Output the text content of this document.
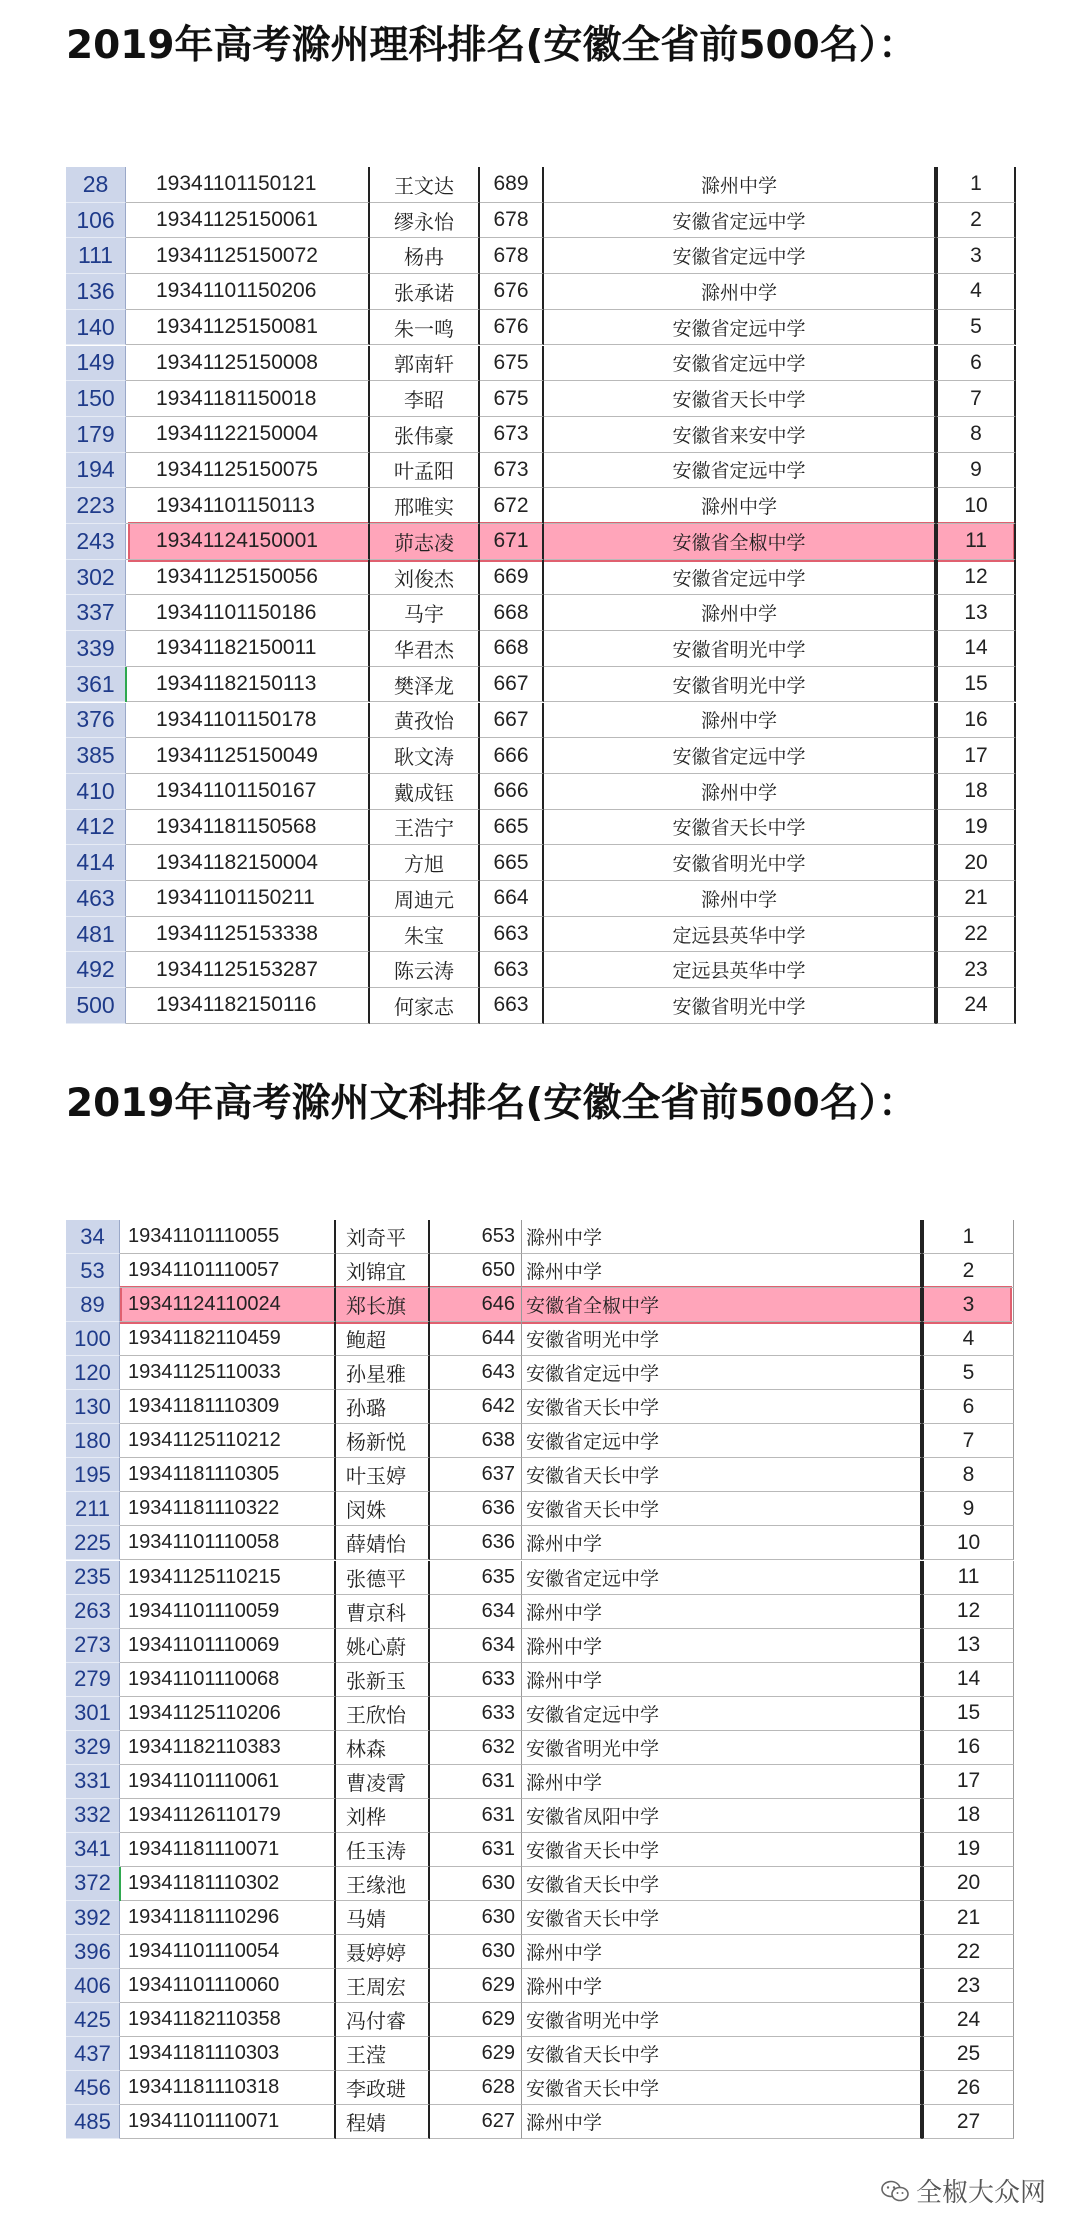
2019年高考滁州理科排名(安徽全省前500名）：
2019年高考滁州文科排名(安徽全省前500名）：
28	19341101150121	王文达	689	滁州中学	1
106	19341125150061	缪永怡	678	安徽省定远中学	2
111	19341125150072	杨冉	678	安徽省定远中学	3
136	19341101150206	张承诺	676	滁州中学	4
140	19341125150081	朱一鸣	676	安徽省定远中学	5
149	19341125150008	郭南轩	675	安徽省定远中学	6
150	19341181150018	李昭	675	安徽省天长中学	7
179	19341122150004	张伟豪	673	安徽省来安中学	8
194	19341125150075	叶孟阳	673	安徽省定远中学	9
223	19341101150113	邢唯实	672	滁州中学	10
243	19341124150001	茆志凌	671	安徽省全椒中学	11
302	19341125150056	刘俊杰	669	安徽省定远中学	12
337	19341101150186	马宇	668	滁州中学	13
339	19341182150011	华君杰	668	安徽省明光中学	14
361	19341182150113	樊泽龙	667	安徽省明光中学	15
376	19341101150178	黄孜怡	667	滁州中学	16
385	19341125150049	耿文涛	666	安徽省定远中学	17
410	19341101150167	戴成钰	666	滁州中学	18
412	19341181150568	王浩宁	665	安徽省天长中学	19
414	19341182150004	方旭	665	安徽省明光中学	20
463	19341101150211	周迪元	664	滁州中学	21
481	19341125153338	朱宝	663	定远县英华中学	22
492	19341125153287	陈云涛	663	定远县英华中学	23
500	19341182150116	何家志	663	安徽省明光中学	24
34	19341101110055	刘奇平	653 滁州中学	1
53	19341101110057	刘锦宜	650 滁州中学	2
89	19341124110024	郑长旗	646 安徽省全椒中学	3
100 19341182110459	鲍超	644 安徽省明光中学	4
120 19341125110033	孙星雅	643 安徽省定远中学	5
130 19341181110309	孙璐	642 安徽省天长中学	6
180 19341125110212	杨新悦	638 安徽省定远中学	7
195 19341181110305	叶玉婷	637 安徽省天长中学	8
211 19341181110322	闵姝	636 安徽省天长中学	9
225 19341101110058	薛婧怡	636 滁州中学	10
235 19341125110215	张德平	635 安徽省定远中学	11
263 19341101110059	曹京科	634 滁州中学	12
273 19341101110069	姚心蔚	634 滁州中学	13
279 19341101110068	张新玉	633 滁州中学	14
301 19341125110206	王欣怡	633 安徽省定远中学	15
329 19341182110383	林森	632 安徽省明光中学	16
331 19341101110061	曹凌霄	631 滁州中学	17
332 19341126110179	刘桦	631 安徽省凤阳中学	18
341 19341181110071	任玉涛	631 安徽省天长中学	19
372 19341181110302	王缘池	630 安徽省天长中学	20
392 19341181110296	马婧	630 安徽省天长中学	21
396 19341101110054	聂婷婷	630 滁州中学	22
406 19341101110060	王周宏	629 滁州中学	23
425 19341182110358	冯付睿	629 安徽省明光中学	24
437 19341181110303	王滢	629 安徽省天长中学	25
456 19341181110318	李政琎	628 安徽省天长中学	26
485 19341101110071	程婧	627 滁州中学	27
全椒大众网
